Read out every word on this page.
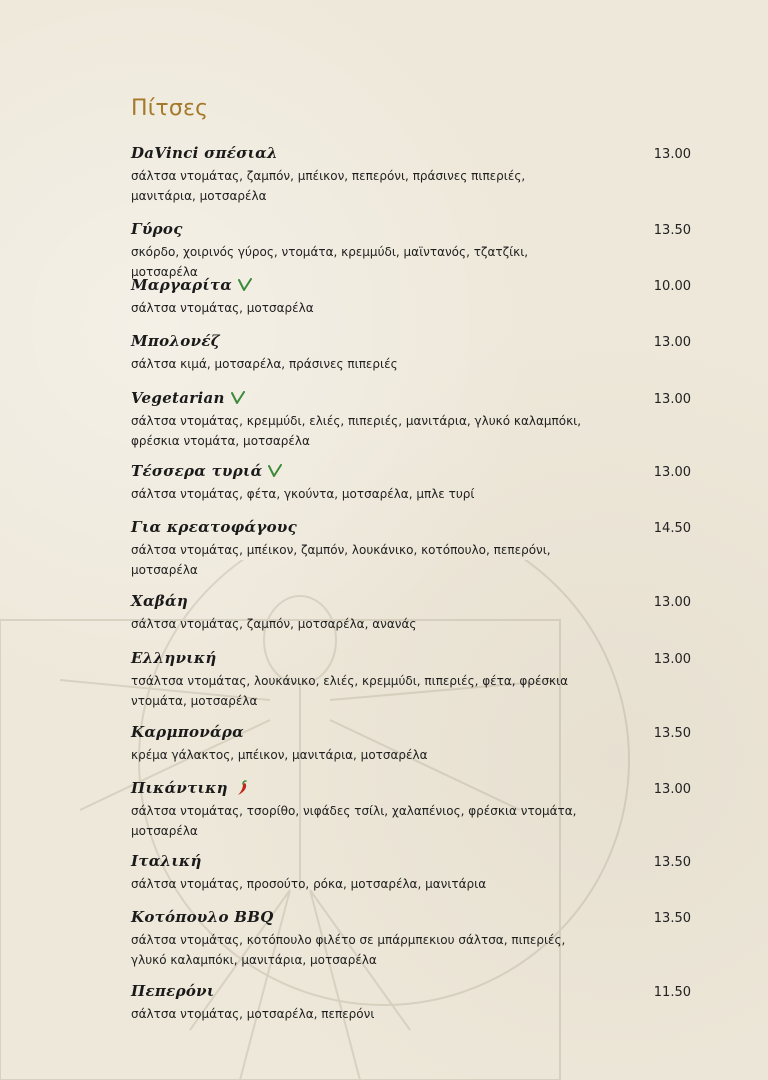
Πίτσες
DaVinci σπέσιαλ	13.00
σάλτσα ντομάτας, ζαμπόν, μπέικον, πεπερόνι, πράσινες πιπεριές, μανιτάρια, μοτσαρέλα
Γύρος	13.50
σκόρδο, χοιρινός γύρος, ντομάτα, κρεμμύδι, μαϊντανός, τζατζίκι, μοτσαρέλα
Μαργαρίτα	10.00
σάλτσα ντομάτας, μοτσαρέλα
Μπολονέζ	13.00
σάλτσα κιμά, μοτσαρέλα, πράσινες πιπεριές
Vegetarian	13.00
σάλτσα ντομάτας, κρεμμύδι, ελιές, πιπεριές, μανιτάρια, γλυκό καλαμπόκι, φρέσκια ντομάτα, μοτσαρέλα
Τέσσερα τυριά	13.00
σάλτσα ντομάτας, φέτα, γκούντα, μοτσαρέλα, μπλε τυρί
Για κρεατοφάγους	14.50
σάλτσα ντομάτας, μπέικον, ζαμπόν, λουκάνικο, κοτόπουλο, πεπερόνι, μοτσαρέλα
Χαβάη	13.00
σάλτσα ντομάτας, ζαμπόν, μοτσαρέλα, ανανάς
Ελληνική	13.00
τσάλτσα ντομάτας, λουκάνικο, ελιές, κρεμμύδι, πιπεριές, φέτα, φρέσκια ντομάτα, μοτσαρέλα
Καρμπονάρα	13.50
κρέμα γάλακτος, μπέικον, μανιτάρια, μοτσαρέλα
Πικάντικη	13.00
σάλτσα ντομάτας, τσορίθο, νιφάδες τσίλι, χαλαπένιος, φρέσκια ντομάτα, μοτσαρέλα
Ιταλική	13.50
σάλτσα ντομάτας, προσούτο, ρόκα, μοτσαρέλα, μανιτάρια
Κοτόπουλο BBQ	13.50
σάλτσα ντομάτας, κοτόπουλο φιλέτο σε μπάρμπεκιου σάλτσα, πιπεριές, γλυκό καλαμπόκι, μανιτάρια, μοτσαρέλα
Πεπερόνι	11.50
σάλτσα ντομάτας, μοτσαρέλα, πεπερόνι
